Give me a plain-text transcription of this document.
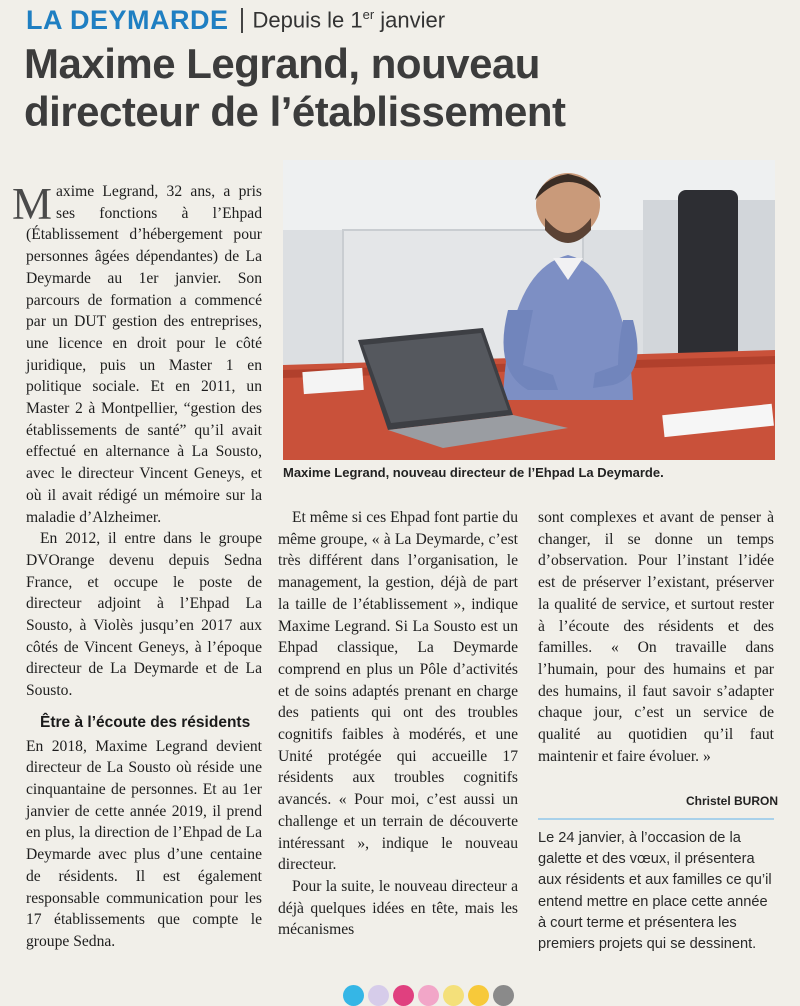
LA DEYMARDE Depuis le 1er janvier
Maxime Legrand, nouveau
directeur de l’établissement
Maxime Legrand, nouveau directeur de l’Ehpad La Deymarde.

Maxime Legrand, 32 ans, a pris ses fonctions à l’Ehpad (Établissement d’hébergement pour personnes âgées dépendantes) de La Deymarde au 1er janvier. Son parcours de formation a commencé par un DUT gestion des entreprises, une licence en droit pour le côté juridique, puis un Master 1 en politique sociale. Et en 2011, un Master 2 à Montpellier, “gestion des établissements de santé” qu’il avait effectué en alternance à La Sousto, avec le directeur Vincent Geneys, et où il avait rédigé un mémoire sur la maladie d’Alzheimer.

En 2012, il entre dans le groupe DVOrange devenu depuis Sedna France, et occupe le poste de directeur adjoint à l’Ehpad La Sousto, à Violès jusqu’en 2017 aux côtés de Vincent Geneys, à l’époque directeur de La Deymarde et de La Sousto.

Être à l’écoute des résidents

En 2018, Maxime Legrand devient directeur de La Sousto où réside une cinquantaine de personnes. Et au 1er janvier de cette année 2019, il prend en plus, la direction de l’Ehpad de La Deymarde avec plus d’une centaine de résidents. Il est également responsable communication pour les 17 établissements que compte le groupe Sedna.

Et même si ces Ehpad font partie du même groupe, « à La Deymarde, c’est très différent dans l’organisation, le management, la gestion, déjà de part la taille de l’établissement », indique Maxime Legrand. Si La Sousto est un Ehpad classique, La Deymarde comprend en plus un Pôle d’activités et de soins adaptés prenant en charge des patients qui ont des troubles cognitifs faibles à modérés, et une Unité protégée qui accueille 17 résidents aux troubles cognitifs avancés. « Pour moi, c’est aussi un challenge et un terrain de découverte intéressant », indique le nouveau directeur.

Pour la suite, le nouveau directeur a déjà quelques idées en tête, mais les mécanismes

sont complexes et avant de penser à changer, il se donne un temps d’observation. Pour l’instant l’idée est de préserver l’existant, préserver la qualité de service, et surtout rester à l’écoute des résidents et des familles. « On travaille dans l’humain, pour des humains et par des humains, il faut savoir s’adapter chaque jour, c’est un service de qualité au quotidien qu’il faut maintenir et faire évoluer. »

Christel BURON
Le 24 janvier, à l’occasion de la galette et des vœux, il présentera aux résidents et aux familles ce qu’il entend mettre en place cette année à court terme et présentera les premiers projets qui se dessinent.
